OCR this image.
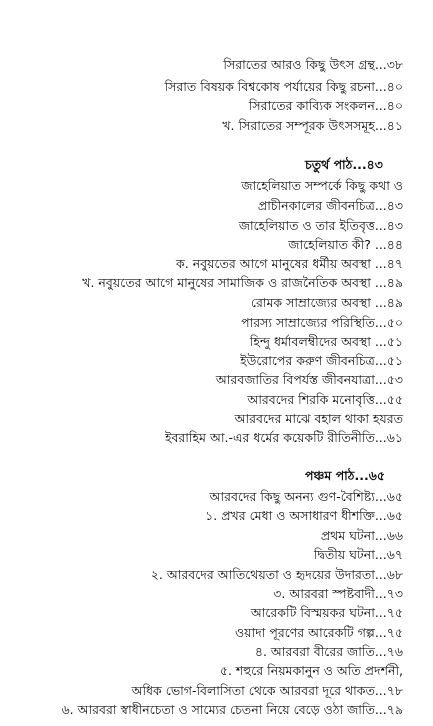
সিরাতের আরও কিছু উৎস গ্রন্থ...৩৮
সিরাত বিষয়ক বিশ্বকোষ পর্যায়ের কিছু রচনা...৪০
সিরাতের কাব্যিক সংকলন...৪০
খ. সিরাতের সম্পূরক উৎসসমূহ...৪১
চতুর্থ পাঠ...৪৩
জাহেলিয়াত সম্পর্কে কিছু কথা ও
প্রাচীনকালের জীবনচিত্র...৪৩
জাহেলিয়াত ও তার ইতিবৃত্ত...৪৩
জাহেলিয়াত কী? ...৪৪
ক. নবুয়তের আগে মানুষের ধর্মীয় অবস্থা ...৪৭
খ. নবুয়তের আগে মানুষের সামাজিক ও রাজনৈতিক অবস্থা ...৪৯
রোমক সাম্রাজ্যের অবস্থা ...৪৯
পারস্য সাম্রাজ্যের পরিস্থিতি...৫০
হিন্দু ধর্মাবলম্বীদের অবস্থা ...৫১
ইউরোপের করুণ জীবনচিত্র...৫১
আরবজাতির বিপর্যস্ত জীবনযাত্রা...৫৩
আরবদের শিরকি মনোবৃত্তি...৫৫
আরবদের মাঝে বহাল থাকা হযরত
ইবরাহিম আ.-এর ধর্মের কয়েকটি রীতিনীতি...৬১
পঞ্চম পাঠ...৬৫
আরবদের কিছু অনন্য গুণ-বৈশিষ্ট্য...৬৫
১. প্রখর মেধা ও অসাধারণ ধীশক্তি...৬৫
প্রথম ঘটনা...৬৬
দ্বিতীয় ঘটনা...৬৭
২. আরবদের আতিথেয়তা ও হৃদয়ের উদারতা...৬৮
৩. আরবরা স্পষ্টবাদী...৭৩
আরেকটি বিস্ময়কর ঘটনা...৭৫
ওয়াদা পূরণের আরেকটি গল্প...৭৫
৪. আরবরা বীরের জাতি...৭৬
৫. শহুরে নিয়মকানুন ও অতি প্রদর্শনী,
অধিক ভোগ-বিলাসিতা থেকে আরবরা দূরে থাকত...৭৮
৬. আরবরা স্বাধীনচেতা ও সাম্যের চেতনা নিয়ে বেড়ে ওঠা জাতি...৭৯
